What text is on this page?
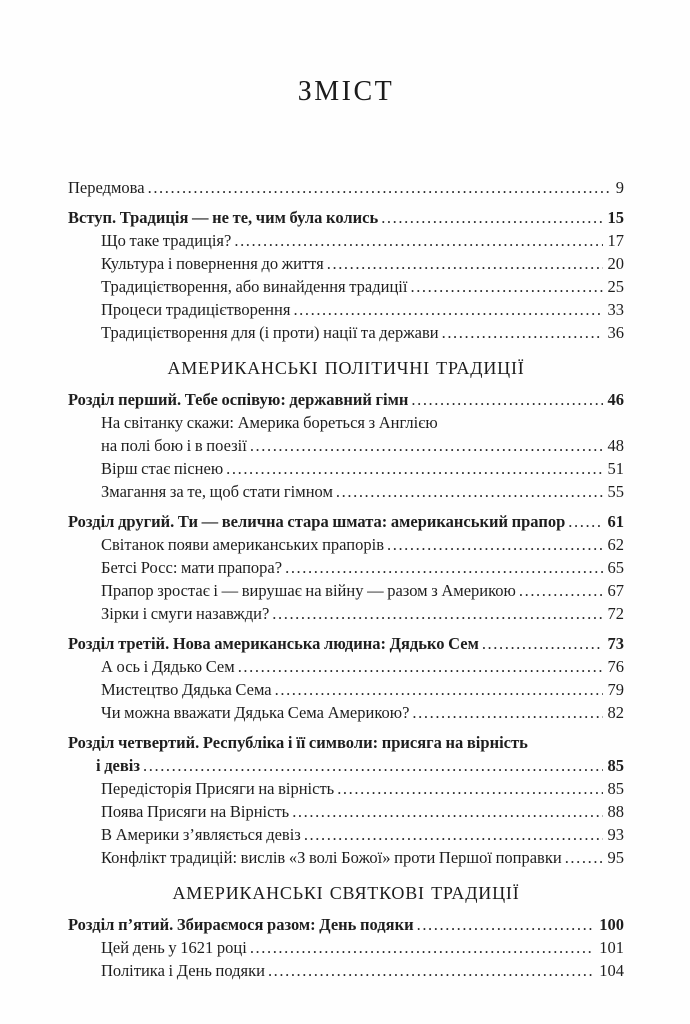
ЗМІСТ
Передмова .....	9
Вступ. Традиція — не те, чим була колись .....	15
Що таке традиція? .....	17
Культура і повернення до життя .....	20
Традицієтворення, або винайдення традиції .....	25
Процеси традицієтворення .....	33
Традицієтворення для (і проти) нації та держави .....	36
АМЕРИКАНСЬКІ ПОЛІТИЧНІ ТРАДИЦІЇ
Розділ перший. Тебе оспівую: державний гімн .....	46
На світанку скажи: Америка бореться з Англією
на полі бою і в поезії .....	48
Вірш стає піснею .....	51
Змагання за те, щоб стати гімном .....	55
Розділ другий. Ти — велична стара шмата: американський прапор .....	61
Світанок появи американських прапорів .....	62
Бетсі Росс: мати прапора? .....	65
Прапор зростає і — вирушає на війну — разом з Америкою .....	67
Зірки і смуги назавжди? .....	72
Розділ третій. Нова американська людина: Дядько Сем .....	73
А ось і Дядько Сем .....	76
Мистецтво Дядька Сема .....	79
Чи можна вважати Дядька Сема Америкою? .....	82
Розділ четвертий. Республіка і її символи: присяга на вірність
і девіз .....	85
Передісторія Присяги на вірність .....	85
Поява Присяги на Вірність .....	88
В Америки з’являється девіз .....	93
Конфлікт традицій: вислів «З волі Божої» проти Першої поправки .....	95
АМЕРИКАНСЬКІ СВЯТКОВІ ТРАДИЦІЇ
Розділ п’ятий. Збираємося разом: День подяки .....	100
Цей день у 1621 році .....	101
Політика і День подяки .....	104
